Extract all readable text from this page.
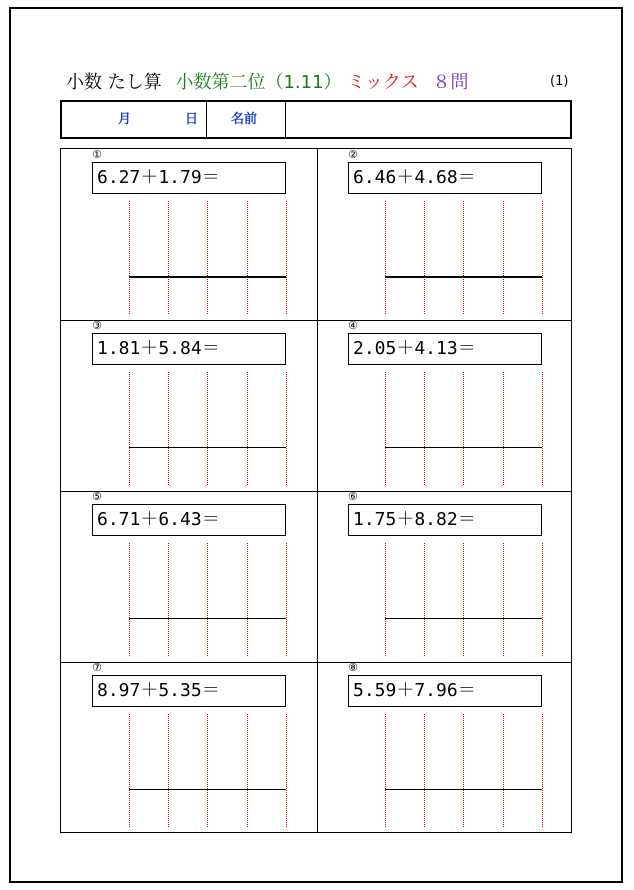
小数 たし算 小数第二位（1.11） ミックス ８問	(1)
月	日	名前
①
6.27＋1.79＝
②
6.46＋4.68＝
③
1.81＋5.84＝
④
2.05＋4.13＝
⑤
6.71＋6.43＝
⑥
1.75＋8.82＝
⑦
8.97＋5.35＝
⑧
5.59＋7.96＝
